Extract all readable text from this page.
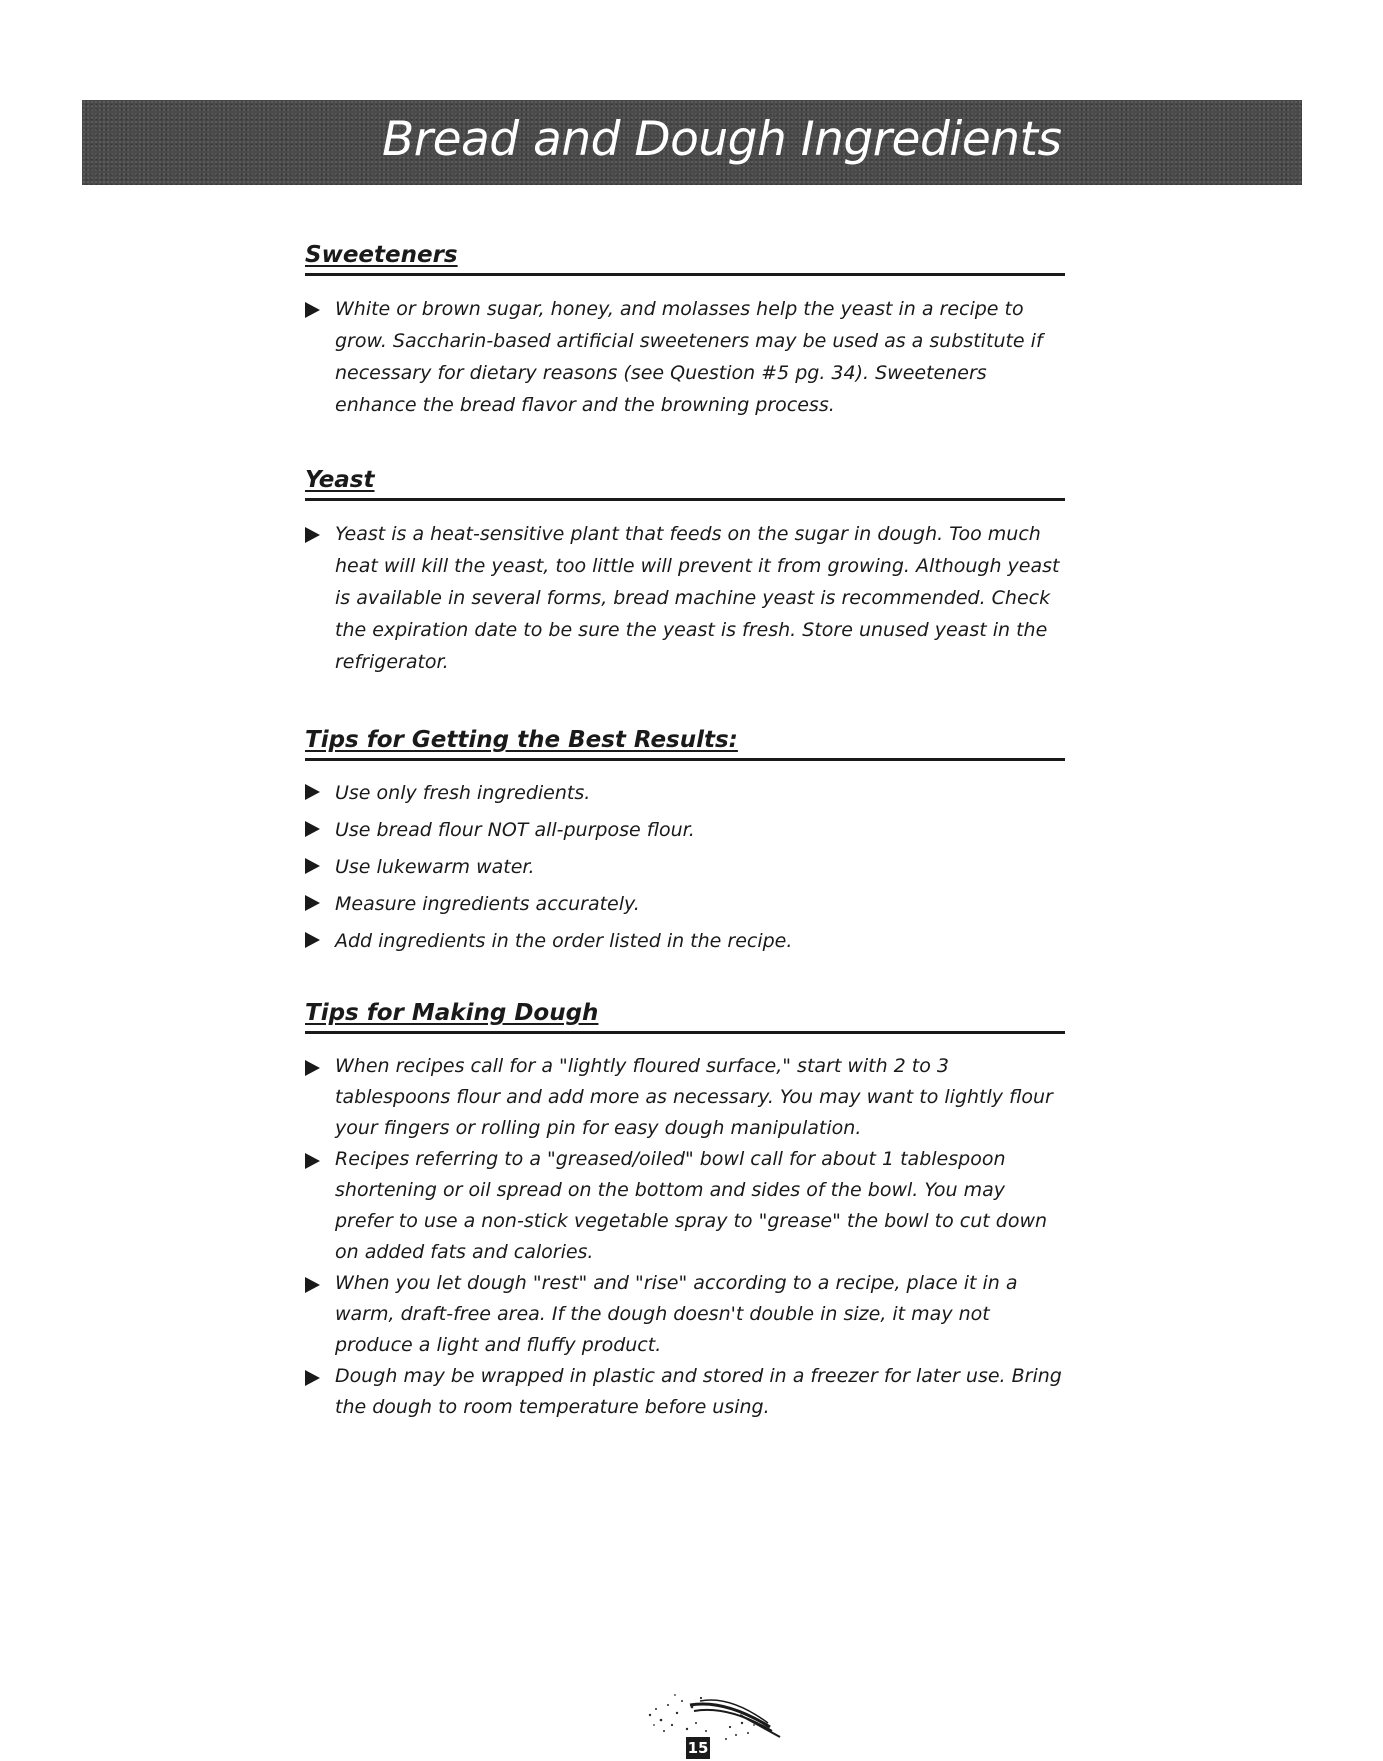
Bread and Dough Ingredients
Sweeteners
White or brown sugar, honey, and molasses help the yeast in a recipe to grow. Saccharin-based artificial sweeteners may be used as a substitute if necessary for dietary reasons (see Question #5 pg. 34). Sweeteners enhance the bread flavor and the browning process.
Yeast
Yeast is a heat-sensitive plant that feeds on the sugar in dough. Too much heat will kill the yeast, too little will prevent it from growing. Although yeast is available in several forms, bread machine yeast is recommended. Check the expiration date to be sure the yeast is fresh. Store unused yeast in the refrigerator.
Tips for Getting the Best Results:
Use only fresh ingredients.
Use bread flour NOT all-purpose flour.
Use lukewarm water.
Measure ingredients accurately.
Add ingredients in the order listed in the recipe.
Tips for Making Dough
When recipes call for a "lightly floured surface," start with 2 to 3 tablespoons flour and add more as necessary. You may want to lightly flour your fingers or rolling pin for easy dough manipulation.
Recipes referring to a "greased/oiled" bowl call for about 1 tablespoon shortening or oil spread on the bottom and sides of the bowl. You may prefer to use a non-stick vegetable spray to "grease" the bowl to cut down on added fats and calories.
When you let dough "rest" and "rise" according to a recipe, place it in a warm, draft-free area. If the dough doesn't double in size, it may not produce a light and fluffy product.
Dough may be wrapped in plastic and stored in a freezer for later use. Bring the dough to room temperature before using.
15
